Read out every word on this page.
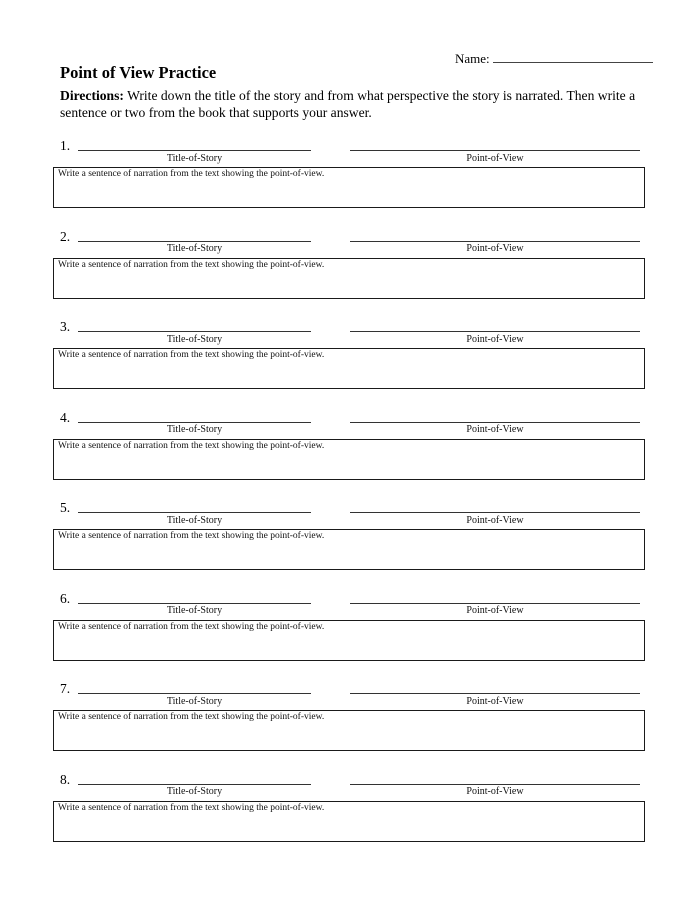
Name:
Point of View Practice
Directions: Write down the title of the story and from what perspective the story is narrated. Then write a sentence or two from the book that supports your answer.
1.
Title-of-Story	Point-of-View
Write a sentence of narration from the text showing the point-of-view.
2.
Title-of-Story	Point-of-View
Write a sentence of narration from the text showing the point-of-view.
3.
Title-of-Story	Point-of-View
Write a sentence of narration from the text showing the point-of-view.
4.
Title-of-Story	Point-of-View
Write a sentence of narration from the text showing the point-of-view.
5.
Title-of-Story	Point-of-View
Write a sentence of narration from the text showing the point-of-view.
6.
Title-of-Story	Point-of-View
Write a sentence of narration from the text showing the point-of-view.
7.
Title-of-Story	Point-of-View
Write a sentence of narration from the text showing the point-of-view.
8.
Title-of-Story	Point-of-View
Write a sentence of narration from the text showing the point-of-view.
